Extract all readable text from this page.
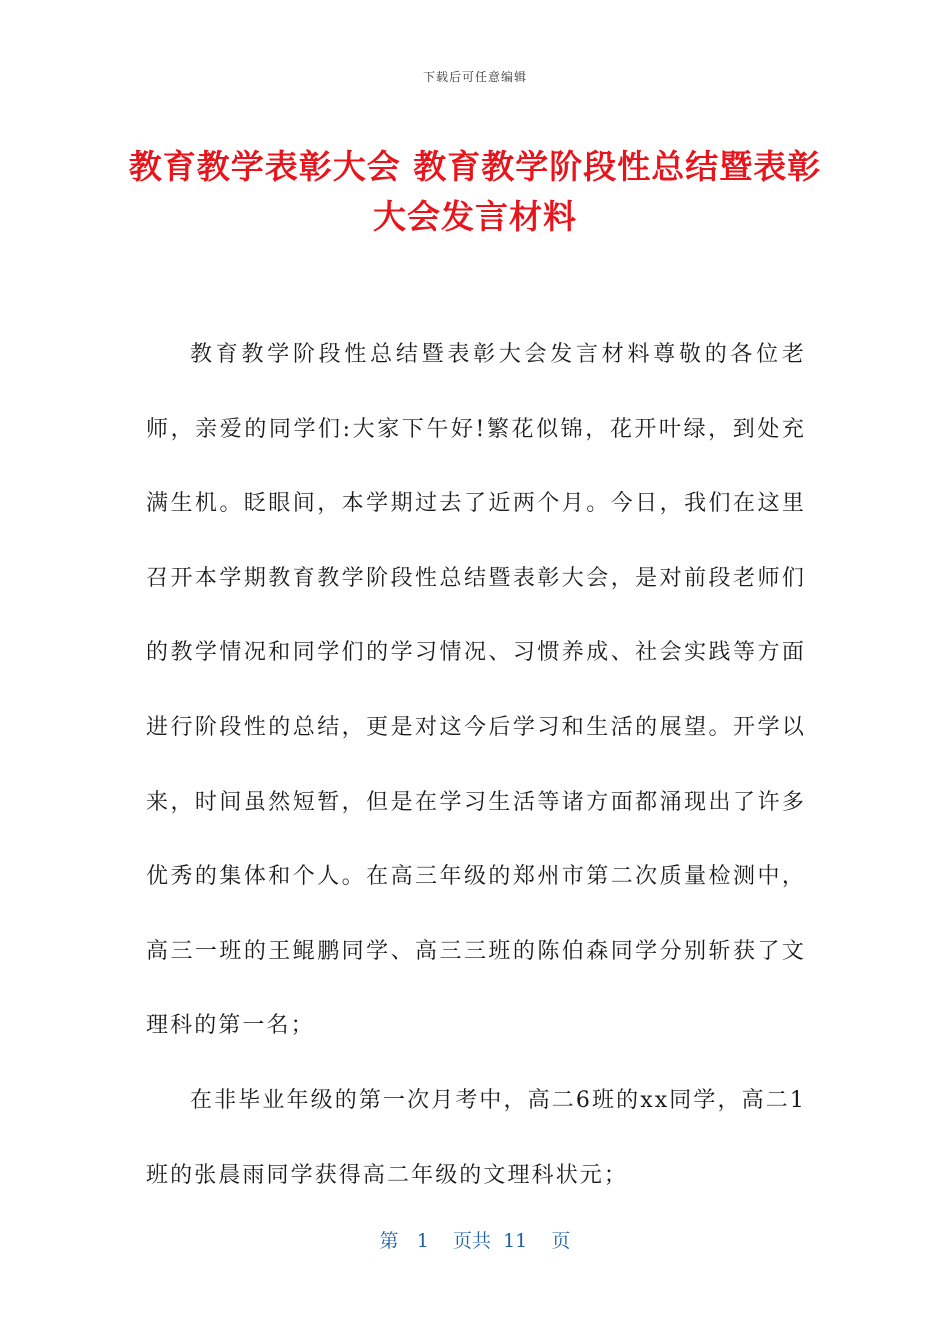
下载后可任意编辑
教育教学表彰大会 教育教学阶段性总结暨表彰大会发言材料

教育教学阶段性总结暨表彰大会发言材料尊敬的各位老师，亲爱的同学们:大家下午好!繁花似锦，花开叶绿，到处充满生机。眨眼间，本学期过去了近两个月。今日，我们在这里召开本学期教育教学阶段性总结暨表彰大会，是对前段老师们的教学情况和同学们的学习情况、习惯养成、社会实践等方面进行阶段性的总结，更是对这今后学习和生活的展望。开学以来，时间虽然短暂，但是在学习生活等诸方面都涌现出了许多优秀的集体和个人。在高三年级的郑州市第二次质量检测中，高三一班的王鲲鹏同学、高三三班的陈伯森同学分别斩获了文理科的第一名；

在非毕业年级的第一次月考中，高二6班的xx同学，高二1班的张晨雨同学获得高二年级的文理科状元；

第 1 页共 11 页
